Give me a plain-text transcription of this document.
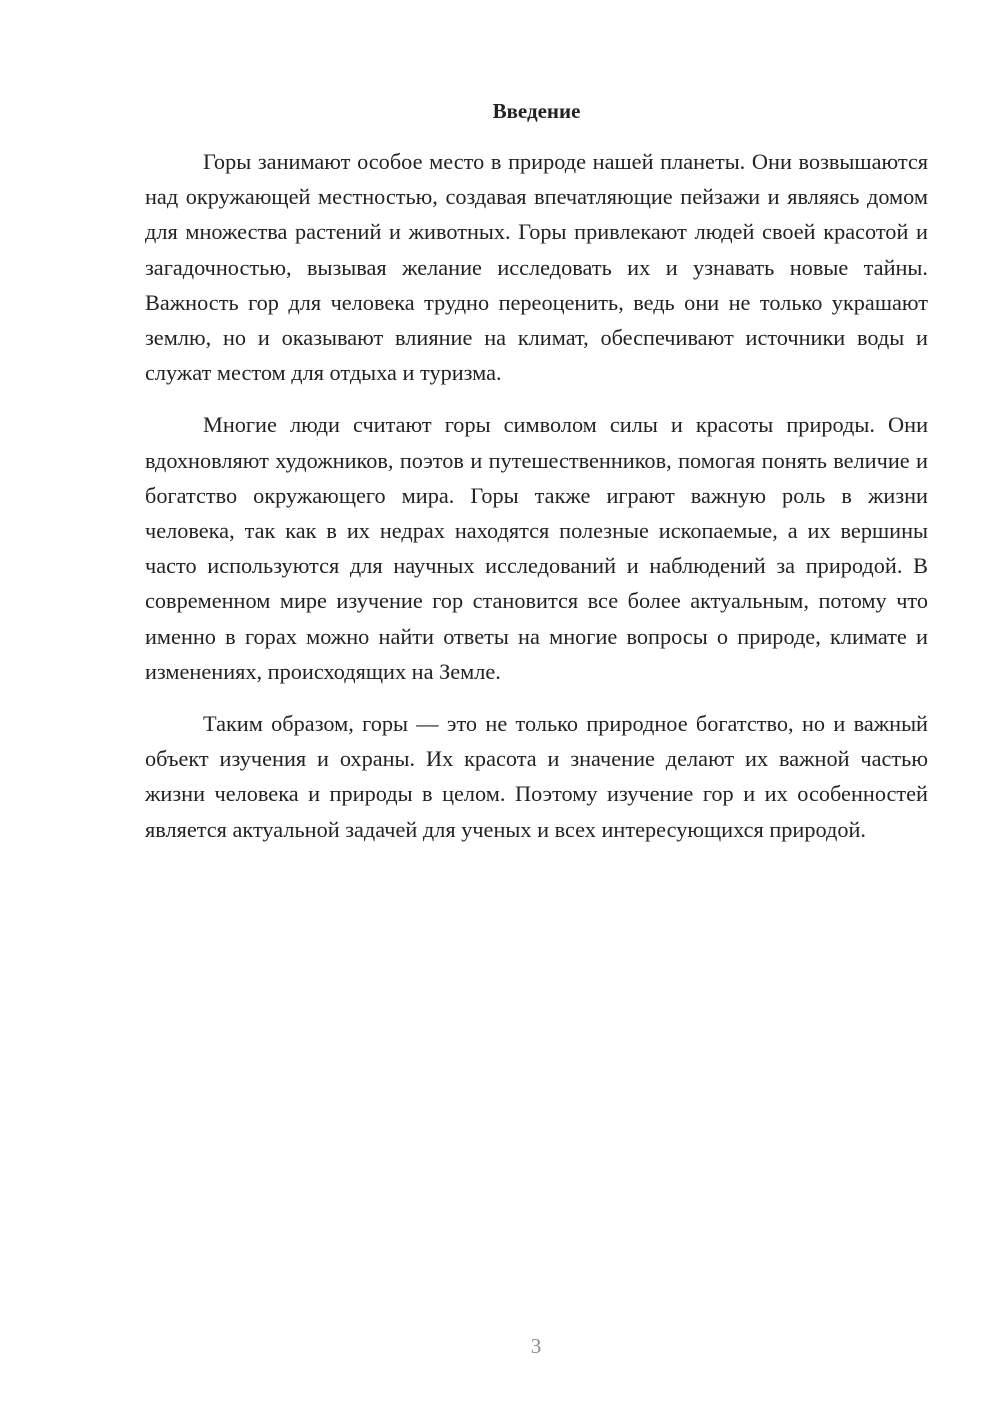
Введение

Горы занимают особое место в природе нашей планеты. Они возвышаются над окружающей местностью, создавая впечатляющие пейзажи и являясь домом для множества растений и животных. Горы привлекают людей своей красотой и загадочностью, вызывая желание исследовать их и узнавать новые тайны. Важность гор для человека трудно переоценить, ведь они не только украшают землю, но и оказывают влияние на климат, обеспечивают источники воды и служат местом для отдыха и туризма.

Многие люди считают горы символом силы и красоты природы. Они вдохновляют художников, поэтов и путешественников, помогая понять величие и богатство окружающего мира. Горы также играют важную роль в жизни человека, так как в их недрах находятся полезные ископаемые, а их вершины часто используются для научных исследований и наблюдений за природой. В современном мире изучение гор становится все более актуальным, потому что именно в горах можно найти ответы на многие вопросы о природе, климате и изменениях, происходящих на Земле.

Таким образом, горы — это не только природное богатство, но и важный объект изучения и охраны. Их красота и значение делают их важной частью жизни человека и природы в целом. Поэтому изучение гор и их особенностей является актуальной задачей для ученых и всех интересующихся природой.

3
